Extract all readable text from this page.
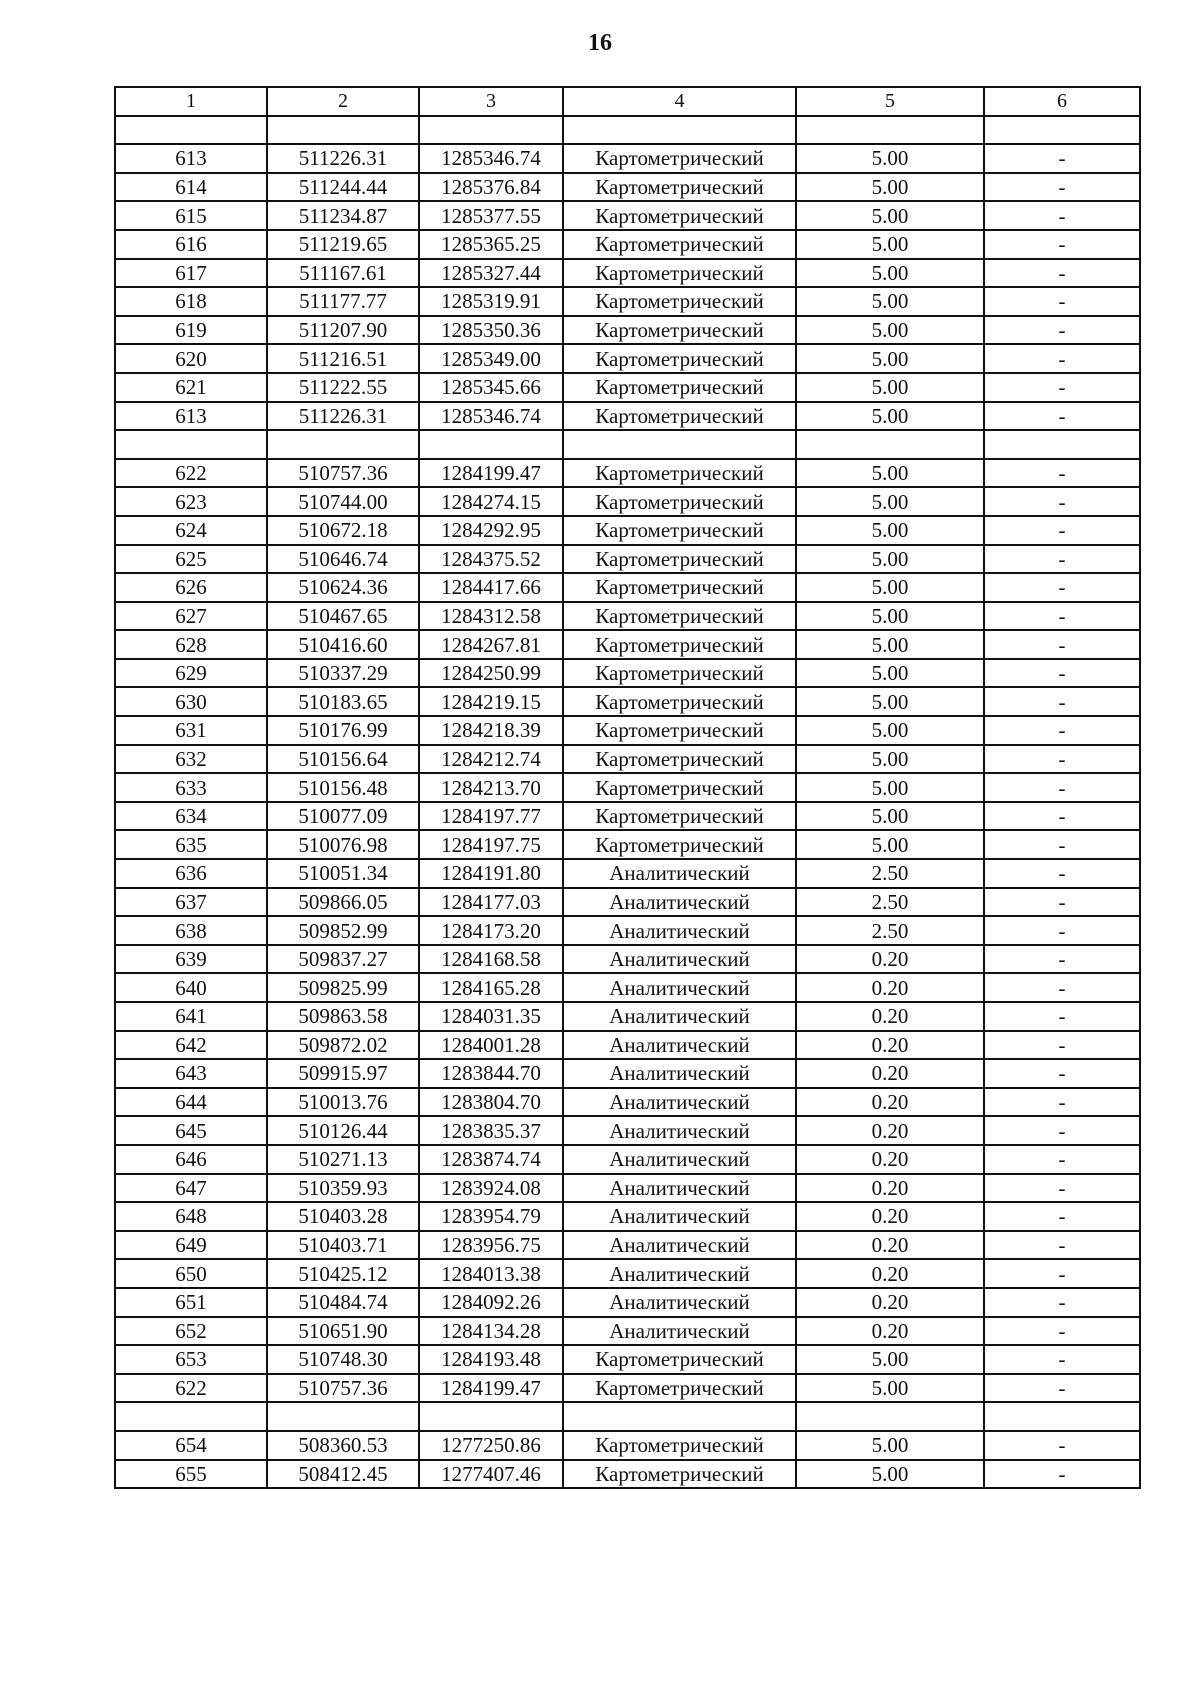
16
1	2	3	4	5	6

613	511226.31	1285346.74	Картометрический	5.00	-
614	511244.44	1285376.84	Картометрический	5.00	-
615	511234.87	1285377.55	Картометрический	5.00	-
616	511219.65	1285365.25	Картометрический	5.00	-
617	511167.61	1285327.44	Картометрический	5.00	-
618	511177.77	1285319.91	Картометрический	5.00	-
619	511207.90	1285350.36	Картометрический	5.00	-
620	511216.51	1285349.00	Картометрический	5.00	-
621	511222.55	1285345.66	Картометрический	5.00	-
613	511226.31	1285346.74	Картометрический	5.00	-

622	510757.36	1284199.47	Картометрический	5.00	-
623	510744.00	1284274.15	Картометрический	5.00	-
624	510672.18	1284292.95	Картометрический	5.00	-
625	510646.74	1284375.52	Картометрический	5.00	-
626	510624.36	1284417.66	Картометрический	5.00	-
627	510467.65	1284312.58	Картометрический	5.00	-
628	510416.60	1284267.81	Картометрический	5.00	-
629	510337.29	1284250.99	Картометрический	5.00	-
630	510183.65	1284219.15	Картометрический	5.00	-
631	510176.99	1284218.39	Картометрический	5.00	-
632	510156.64	1284212.74	Картометрический	5.00	-
633	510156.48	1284213.70	Картометрический	5.00	-
634	510077.09	1284197.77	Картометрический	5.00	-
635	510076.98	1284197.75	Картометрический	5.00	-
636	510051.34	1284191.80	Аналитический	2.50	-
637	509866.05	1284177.03	Аналитический	2.50	-
638	509852.99	1284173.20	Аналитический	2.50	-
639	509837.27	1284168.58	Аналитический	0.20	-
640	509825.99	1284165.28	Аналитический	0.20	-
641	509863.58	1284031.35	Аналитический	0.20	-
642	509872.02	1284001.28	Аналитический	0.20	-
643	509915.97	1283844.70	Аналитический	0.20	-
644	510013.76	1283804.70	Аналитический	0.20	-
645	510126.44	1283835.37	Аналитический	0.20	-
646	510271.13	1283874.74	Аналитический	0.20	-
647	510359.93	1283924.08	Аналитический	0.20	-
648	510403.28	1283954.79	Аналитический	0.20	-
649	510403.71	1283956.75	Аналитический	0.20	-
650	510425.12	1284013.38	Аналитический	0.20	-
651	510484.74	1284092.26	Аналитический	0.20	-
652	510651.90	1284134.28	Аналитический	0.20	-
653	510748.30	1284193.48	Картометрический	5.00	-
622	510757.36	1284199.47	Картометрический	5.00	-

654	508360.53	1277250.86	Картометрический	5.00	-
655	508412.45	1277407.46	Картометрический	5.00	-
